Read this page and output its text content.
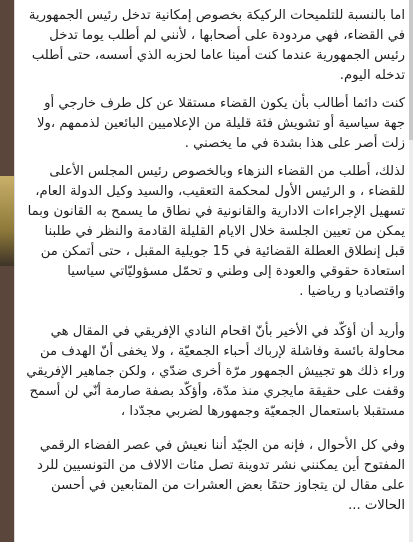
اما بالنسبة للتلميحات الركيكة بخصوص إمكانية تدخل رئيس الجمهورية في القضاء، فهي مردودة على أصحابها ، لأنني لم أطلب يوما تدخل رئيس الجمهورية عندما كنت أمينا عاما لحزبه الذي أسسه، حتى أطلب تدخله اليوم.

كنت دائما أطالب بأن يكون القضاء مستقلا عن كل طرف خارجي أو جهة سياسية أو تشويش فئة قليلة من الإعلاميين البائعين لذممهم ،ولا زلت أصر على هذا بشدة في ما يخصني .

لذلك، أطلب من القضاء النزهاء وبالخصوص رئيس المجلس الأعلى للقضاء ، و الرئيس الأول لمحكمة التعقيب، والسيد وكيل الدولة العام، تسهيل الإجراءات الادارية والقانونية في نطاق ما يسمح به القانون وبما يمكن من تعيين الجلسة خلال الايام القليلة القادمة والنظر في طلبنا قبل إنطلاق العطلة القضائية في 15 جويلية المقبل ، حتى أتمكن من استعادة حقوقي والعودة إلى وطني و تحمّل مسؤوليّاتي سياسيا واقتصاديا و رياضيا .

وأريد أن أؤكّد في الأخير بأنّ اقحام النادي الإفريقي في المقال هي محاولة بائسة وفاشلة لإرباك أحباء الجمعيّة ، ولا يخفى أنّ الهدف من وراء ذلك هو تجييش الجمهور مرّة أخرى ضدّي ، ولكن جماهير الإفريقي وقفت على حقيقة مايجري منذ مدّة، وأؤكّد بصفة صارمة أنّي لن أسمح مستقبلا باستعمال الجمعيّة وجمهورها لضربي مجدّدا ،

وفي كل الأحوال ، فإنه من الجيّد أننا نعيش في عصر الفضاء الرقمي المفتوح أين يمكنني نشر تدوينة تصل مئات الالاف من التونسيين للرد على مقال لن يتجاوز حتمًا بعض العشرات من المتابعين في أحسن الحالات ...
